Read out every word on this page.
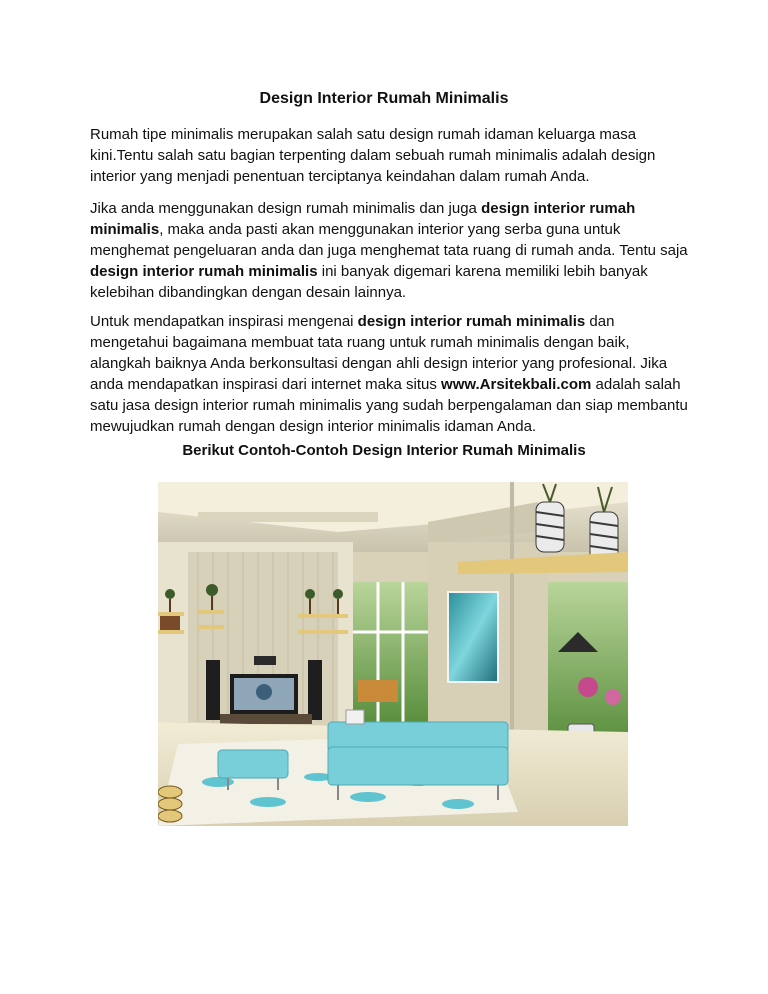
Design Interior Rumah Minimalis

Rumah tipe minimalis merupakan salah satu design rumah idaman keluarga masa kini.Tentu salah satu bagian terpenting dalam sebuah rumah minimalis adalah design interior yang menjadi penentuan terciptanya keindahan dalam rumah Anda.

Jika anda menggunakan design rumah minimalis dan juga design interior rumah minimalis, maka anda pasti akan menggunakan interior yang serba guna untuk menghemat pengeluaran anda dan juga menghemat tata ruang di rumah anda. Tentu saja design interior rumah minimalis ini banyak digemari karena memiliki lebih banyak kelebihan dibandingkan dengan desain lainnya.

Untuk mendapatkan inspirasi mengenai design interior rumah minimalis dan mengetahui bagaimana membuat tata ruang untuk rumah minimalis dengan baik, alangkah baiknya Anda berkonsultasi dengan ahli design interior yang profesional. Jika anda mendapatkan inspirasi dari internet maka situs www.Arsitekbali.com adalah salah satu jasa design interior rumah minimalis yang sudah berpengalaman dan siap membantu mewujudkan rumah dengan design interior minimalis idaman Anda.

Berikut Contoh-Contoh Design Interior Rumah Minimalis
